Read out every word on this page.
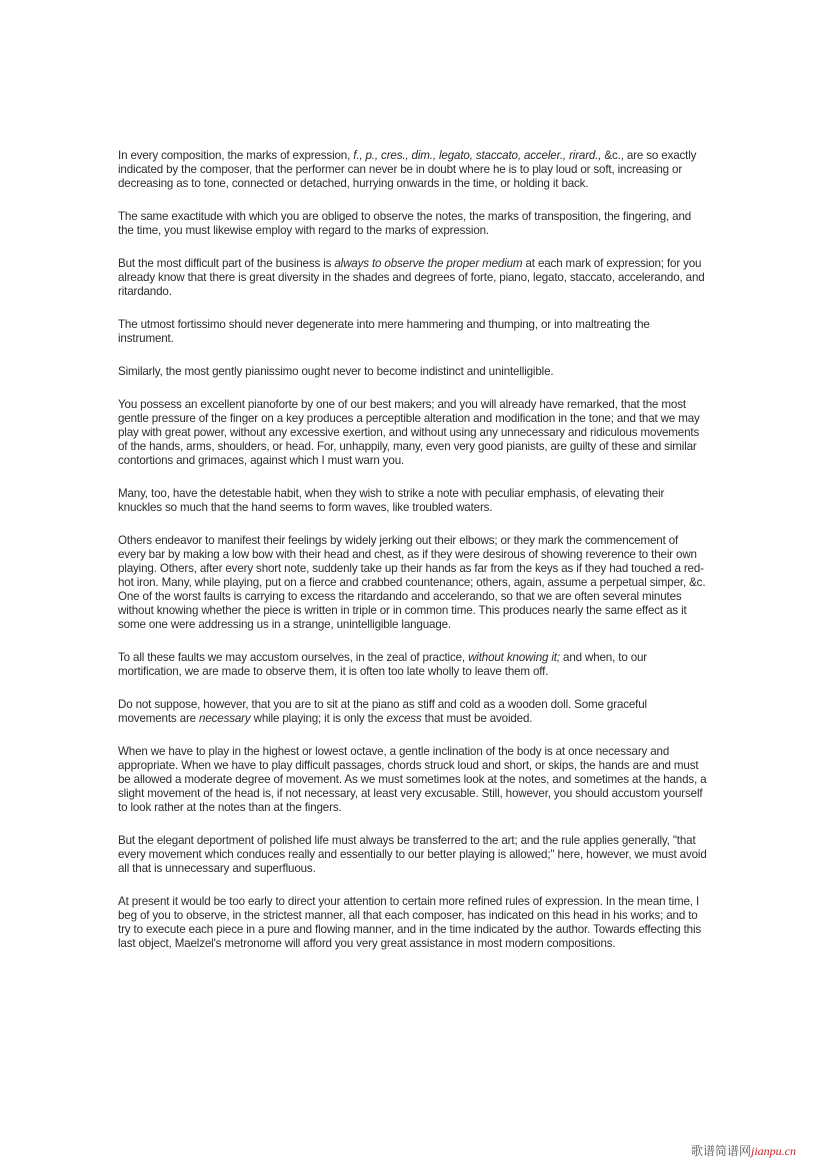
In every composition, the marks of expression, f., p., cres., dim., legato, staccato, acceler., rirard., &c., are so exactly indicated by the composer, that the performer can never be in doubt where he is to play loud or soft, increasing or decreasing as to tone, connected or detached, hurrying onwards in the time, or holding it back.

The same exactitude with which you are obliged to observe the notes, the marks of transposition, the fingering, and the time, you must likewise employ with regard to the marks of expression.

But the most difficult part of the business is always to observe the proper medium at each mark of expression; for you already know that there is great diversity in the shades and degrees of forte, piano, legato, staccato, accelerando, and ritardando.

The utmost fortissimo should never degenerate into mere hammering and thumping, or into maltreating the instrument.

Similarly, the most gently pianissimo ought never to become indistinct and unintelligible.

You possess an excellent pianoforte by one of our best makers; and you will already have remarked, that the most gentle pressure of the finger on a key produces a perceptible alteration and modification in the tone; and that we may play with great power, without any excessive exertion, and without using any unnecessary and ridiculous movements of the hands, arms, shoulders, or head. For, unhappily, many, even very good pianists, are guilty of these and similar contortions and grimaces, against which I must warn you.

Many, too, have the detestable habit, when they wish to strike a note with peculiar emphasis, of elevating their knuckles so much that the hand seems to form waves, like troubled waters.

Others endeavor to manifest their feelings by widely jerking out their elbows; or they mark the commencement of every bar by making a low bow with their head and chest, as if they were desirous of showing reverence to their own playing. Others, after every short note, suddenly take up their hands as far from the keys as if they had touched a red-hot iron. Many, while playing, put on a fierce and crabbed countenance; others, again, assume a perpetual simper, &c. One of the worst faults is carrying to excess the ritardando and accelerando, so that we are often several minutes without knowing whether the piece is written in triple or in common time. This produces nearly the same effect as it some one were addressing us in a strange, unintelligible language.

To all these faults we may accustom ourselves, in the zeal of practice, without knowing it; and when, to our mortification, we are made to observe them, it is often too late wholly to leave them off.

Do not suppose, however, that you are to sit at the piano as stiff and cold as a wooden doll. Some graceful movements are necessary while playing; it is only the excess that must be avoided.

When we have to play in the highest or lowest octave, a gentle inclination of the body is at once necessary and appropriate. When we have to play difficult passages, chords struck loud and short, or skips, the hands are and must be allowed a moderate degree of movement. As we must sometimes look at the notes, and sometimes at the hands, a slight movement of the head is, if not necessary, at least very excusable. Still, however, you should accustom yourself to look rather at the notes than at the fingers.

But the elegant deportment of polished life must always be transferred to the art; and the rule applies generally, "that every movement which conduces really and essentially to our better playing is allowed;" here, however, we must avoid all that is unnecessary and superfluous.

At present it would be too early to direct your attention to certain more refined rules of expression. In the mean time, I beg of you to observe, in the strictest manner, all that each composer, has indicated on this head in his works; and to try to execute each piece in a pure and flowing manner, and in the time indicated by the author. Towards effecting this last object, Maelzel's metronome will afford you very great assistance in most modern compositions.

歌谱简谱网jianpu.cn
